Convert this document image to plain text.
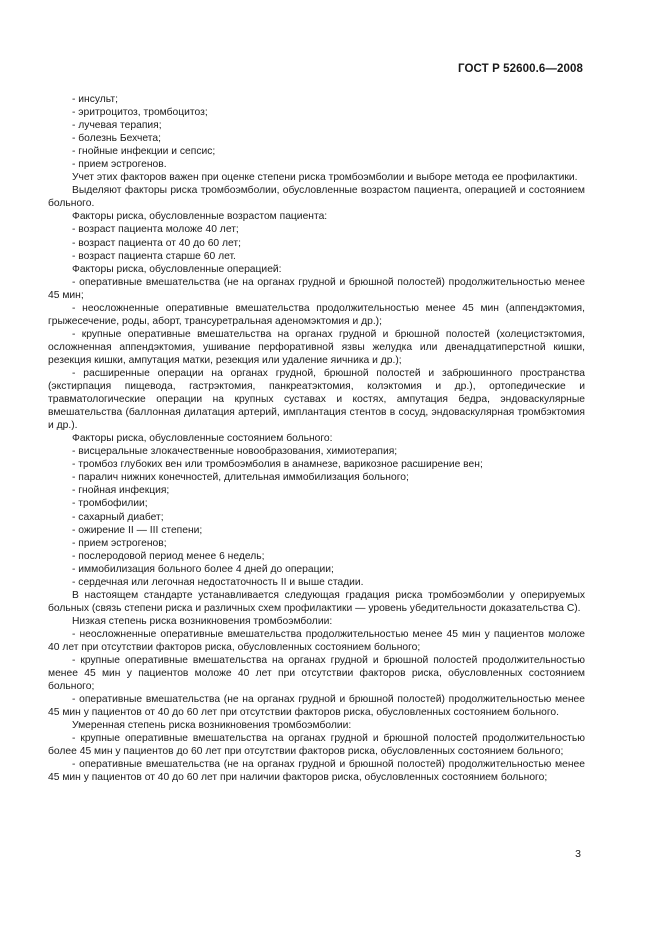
ГОСТ Р 52600.6—2008

- инсульт;

- эритроцитоз, тромбоцитоз;

- лучевая терапия;

- болезнь Бехчета;

- гнойные инфекции и сепсис;

- прием эстрогенов.

Учет этих факторов важен при оценке степени риска тромбоэмболии и выборе метода ее профилактики.

Выделяют факторы риска тромбоэмболии, обусловленные возрастом пациента, операцией и состоянием больного.

Факторы риска, обусловленные возрастом пациента:

- возраст пациента моложе 40 лет;

- возраст пациента от 40 до 60 лет;

- возраст пациента старше 60 лет.

Факторы риска, обусловленные операцией:

- оперативные вмешательства (не на органах грудной и брюшной полостей) продолжительностью менее 45 мин;

- неосложненные оперативные вмешательства продолжительностью менее 45 мин (аппендэктомия, грыжесечение, роды, аборт, трансуретральная аденомэктомия и др.);

- крупные оперативные вмешательства на органах грудной и брюшной полостей (холецистэктомия, осложненная аппендэктомия, ушивание перфоративной язвы желудка или двенадцатиперстной кишки, резекция кишки, ампутация матки, резекция или удаление яичника и др.);

- расширенные операции на органах грудной, брюшной полостей и забрюшинного пространства (экстирпация пищевода, гастрэктомия, панкреатэктомия, колэктомия и др.), ортопедические и травматологические операции на крупных суставах и костях, ампутация бедра, эндоваскулярные вмешательства (баллонная дилатация артерий, имплантация стентов в сосуд, эндоваскулярная тромбэктомия и др.).

Факторы риска, обусловленные состоянием больного:

- висцеральные злокачественные новообразования, химиотерапия;

- тромбоз глубоких вен или тромбоэмболия в анамнезе, варикозное расширение вен;

- паралич нижних конечностей, длительная иммобилизация больного;

- гнойная инфекция;

- тромбофилии;

- сахарный диабет;

- ожирение II — III степени;

- прием эстрогенов;

- послеродовой период менее 6 недель;

- иммобилизация больного более 4 дней до операции;

- сердечная или легочная недостаточность II и выше стадии.

В настоящем стандарте устанавливается следующая градация риска тромбоэмболии у оперируемых больных (связь степени риска и различных схем профилактики — уровень убедительности доказательства С).

Низкая степень риска возникновения тромбоэмболии:

- неосложненные оперативные вмешательства продолжительностью менее 45 мин у пациентов моложе 40 лет при отсутствии факторов риска, обусловленных состоянием больного;

- крупные оперативные вмешательства на органах грудной и брюшной полостей продолжительностью менее 45 мин у пациентов моложе 40 лет при отсутствии факторов риска, обусловленных состоянием больного;

- оперативные вмешательства (не на органах грудной и брюшной полостей) продолжительностью менее 45 мин у пациентов от 40 до 60 лет при отсутствии факторов риска, обусловленных состоянием больного.

Умеренная степень риска возникновения тромбоэмболии:

- крупные оперативные вмешательства на органах грудной и брюшной полостей продолжительностью более 45 мин у пациентов до 60 лет при отсутствии факторов риска, обусловленных состоянием больного;

- оперативные вмешательства (не на органах грудной и брюшной полостей) продолжительностью менее 45 мин у пациентов от 40 до 60 лет при наличии факторов риска, обусловленных состоянием больного;

3
